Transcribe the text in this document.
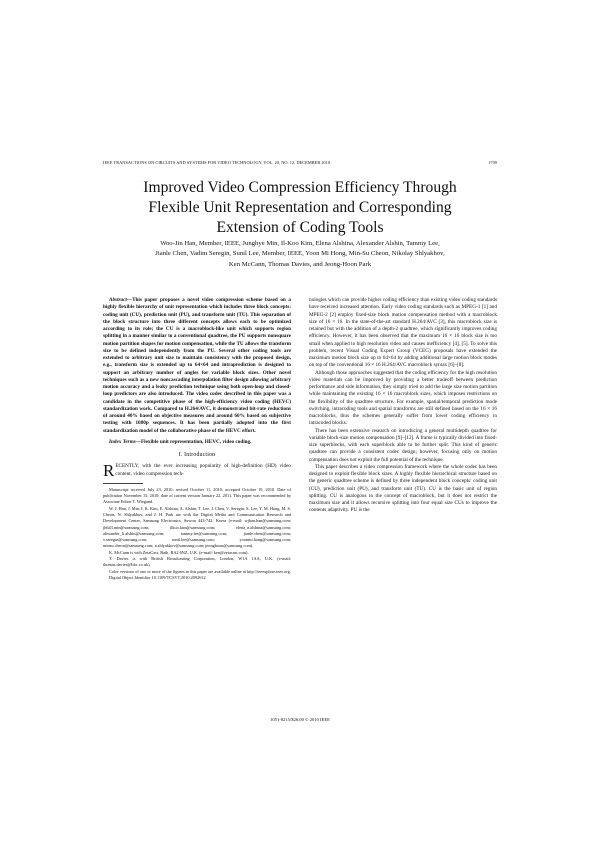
IEEE TRANSACTIONS ON CIRCUITS AND SYSTEMS FOR VIDEO TECHNOLOGY, VOL. 20, NO. 12, DECEMBER 2010	1709
Improved Video Compression Efficiency Through
Flexible Unit Representation and Corresponding
Extension of Coding Tools
Woo-Jin Han, Member, IEEE, Junghye Min, Il-Koo Kim, Elena Alshina, Alexander Alshin, Tammy Lee,
Jianle Chen, Vadim Seregin, Sunil Lee, Member, IEEE, Yoon Mi Hong, Min-Su Cheon, Nikolay Shlyakhov,
Ken McCann, Thomas Davies, and Jeong-Hoon Park

Abstract—This paper proposes a novel video compression scheme based on a highly flexible hierarchy of unit representation which includes three block concepts: coding unit (CU), prediction unit (PU), and transform unit (TU). This separation of the block structure into three different concepts allows each to be optimized according to its role; the CU is a macroblock-like unit which supports region splitting in a manner similar to a conventional quadtree, the PU supports nonsquare motion partition shapes for motion compensation, while the TU allows the transform size to be defined independently from the PU. Several other coding tools are extended to arbitrary unit size to maintain consistency with the proposed design, e.g., transform size is extended up to 64×64 and intraprediction is designed to support an arbitrary number of angles for variable block sizes. Other novel techniques such as a new noncascading interpolation filter design allowing arbitrary motion accuracy and a leaky prediction technique using both open-loop and closed-loop predictors are also introduced. The video codec described in this paper was a candidate in the competitive phase of the high-efficiency video coding (HEVC) standardization work. Compared to H.264/AVC, it demonstrated bit-rate reductions of around 40% based on objective measures and around 60% based on subjective testing with 1080p sequences. It has been partially adopted into the first standardization model of the collaborative phase of the HEVC effort.

Index Terms—Flexible unit representation, HEVC, video coding.

I. Introduction

RECENTLY, with the ever increasing popularity of high-definition (HD) video content, video compression tech-

Manuscript received July 23, 2010; revised October 11, 2010; accepted October 19, 2010. Date of publication November 15, 2010; date of current version January 22, 2011. This paper was recommended by Associate Editor T. Wiegand.

W. J. Han, J. Min, I. K. Kim, E. Alshina, A. Alshin, T. Lee, J. Chen, V. Seregin, S. Lee, Y. M. Hong, M. S. Cheon, N. Shlyakhov, and J. H. Park are with the Digital Media and Communication Research and Development Center, Samsung Electronics, Suwon 443-742, Korea (e-mail: wjhan.han@samsung.com; jh643.min@samsung.com; ilkoo.kim@samsung.com; elena_a.alshina@samsung.com; alexander_li.alshin@samsung.com; tammy.lee@samsung.com; jianle.chen@samsung.com; v.seregin@samsung.com; sunil.lee@samsung.com; yoonmi.hong@samsung.com; minsu.cheon@samsung.com; n.shlyakhov@samsung.com; jeonghoon@samsung.com).

K. McCann is with ZetaCast, Bath, BA2 6NZ, U.K. (e-mail: ken@zetacast.com).

T. Davies is with British Broadcasting Corporation, London, W1A 1AA, U.K. (e-mail: thomas.davies@bbc.co.uk).

Color versions of one or more of the figures in this paper are available online at http://ieeexplore.ieee.org.

Digital Object Identifier 10.1109/TCSVT.2010.2092612

nologies which can provide higher coding efficiency than existing video coding standards have received increased attention. Early video coding standards such as MPEG-1 [1] and MPEG-2 [2] employ fixed-size block motion compensation method with a macroblock size of 16 × 16. In the state-of-the-art standard H.264/AVC [3], this macroblock size is retained but with the addition of a depth-2 quadtree, which significantly improves coding efficiency. However, it has been observed that the maximum 16 × 16 block size is too small when applied to high resolution video and causes inefficiency [4], [5]. To solve this problem, recent Visual Coding Expert Group (VCEG) proposals have extended the maximum motion block size up to 64×64 by adding additional large motion block modes on top of the conventional 16 × 16 H.264/AVC macroblock syntax [6]–[8].

Although those approaches suggested that the coding efficiency for the high resolution video materials can be improved by providing a better tradeoff between prediction performance and side information, they simply tried to add the large size motion partition while maintaining the existing 16 × 16 macroblock sizes, which imposes restrictions on the flexibility of the quadtree structure. For example, spatial/temporal prediction mode switching, intracoding tools and spatial transforms are still defined based on the 16 × 16 macroblocks, thus the schemes generally suffer from lower coding efficiency in intracoded blocks.

There has been extensive research on introducing a general multidepth quadtree for variable block-size motion compensation [9]–[12]. A frame is typically divided into fixed-size superblocks, with each superblock able to be further split. This kind of generic quadtree can provide a consistent codec design; however, focusing only on motion compensation does not exploit the full potential of the technique.

This paper describes a video compression framework where the whole codec has been designed to exploit flexible block sizes. A highly flexible hierarchical structure based on the generic quadtree scheme is defined by three independent block concepts: coding unit (CU), prediction unit (PU), and transform unit (TU). CU is the basic unit of region splitting. CU is analogous to the concept of macroblock, but it does not restrict the maximum size and it allows recursive splitting into four equal size CUs to improve the contents adaptivity. PU is the

1051-8215/$26.00 © 2010 IEEE
